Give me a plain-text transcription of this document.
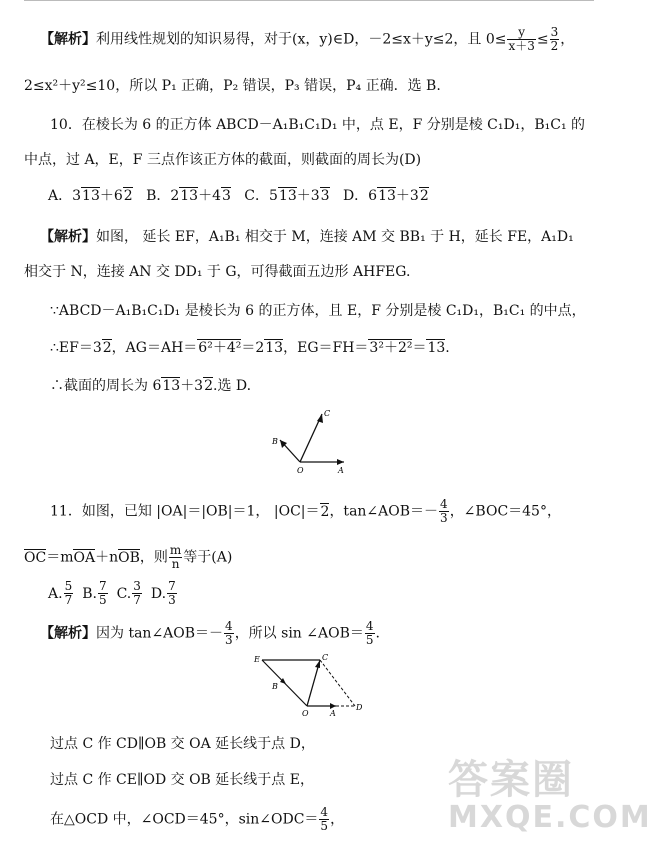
【解析】利用线性规划的知识易得，对于(x，y)∈D，－2≤x＋y≤2，且 $0\le \frac{y}{x+3} \le \frac{3}{2}$ ，
2≤x²＋y²≤10，所以 P₁ 正确，P₂ 错误，P₃ 错误，P₄ 正确．选 B.
10．在棱长为 6 的正方体 ABCD－A₁B₁C₁D₁ 中，点 E，F 分别是棱 C₁D₁，B₁C₁ 的
中点，过 A，E，F 三点作该正方体的截面，则截面的周长为(D)
A．313＋62 B．213＋43 C．513＋33 D．613＋32
【解析】如图， 延长 EF，A₁B₁ 相交于 M，连接 AM 交 BB₁ 于 H，延长 FE，A₁D₁
相交于 N，连接 AN 交 DD₁ 于 G，可得截面五边形 AHFEG.
∵ABCD－A₁B₁C₁D₁ 是棱长为 6 的正方体，且 E，F 分别是棱 C₁D₁，B₁C₁ 的中点，
∴EF＝32，AG＝AH＝6²＋4²＝213，EG＝FH＝3²＋2²＝13.
∴截面的周长为 613＋32.选 D.
C
B
O	A
11．如图，已知 |OA|＝|OB|＝1， |OC|＝2，tan∠AOB＝－ $\frac{4}{3}$ ，∠BOC＝45°，
OC＝mOA＋nOB，则 $\frac{m}{n}$ 等于(A)
A. $\frac{5}{7} B$. $\frac{7}{5} C$. $\frac{3}{7} D$. $\frac{7}{3}$
【解析】因为 tan∠AOB＝－ $\frac{4}{3}$ ，所以 sin ∠AOB＝ $\frac{4}{5}$ .
E	C
B
O	A
D
过点 C 作 CD∥OB 交 OA 延长线于点 D，
过点 C 作 CE∥OD 交 OB 延长线于点 E，
在△OCD 中，∠OCD＝45°，sin∠ODC＝ $\frac{4}{5}$ ，
答案圈
MXQE.COM
